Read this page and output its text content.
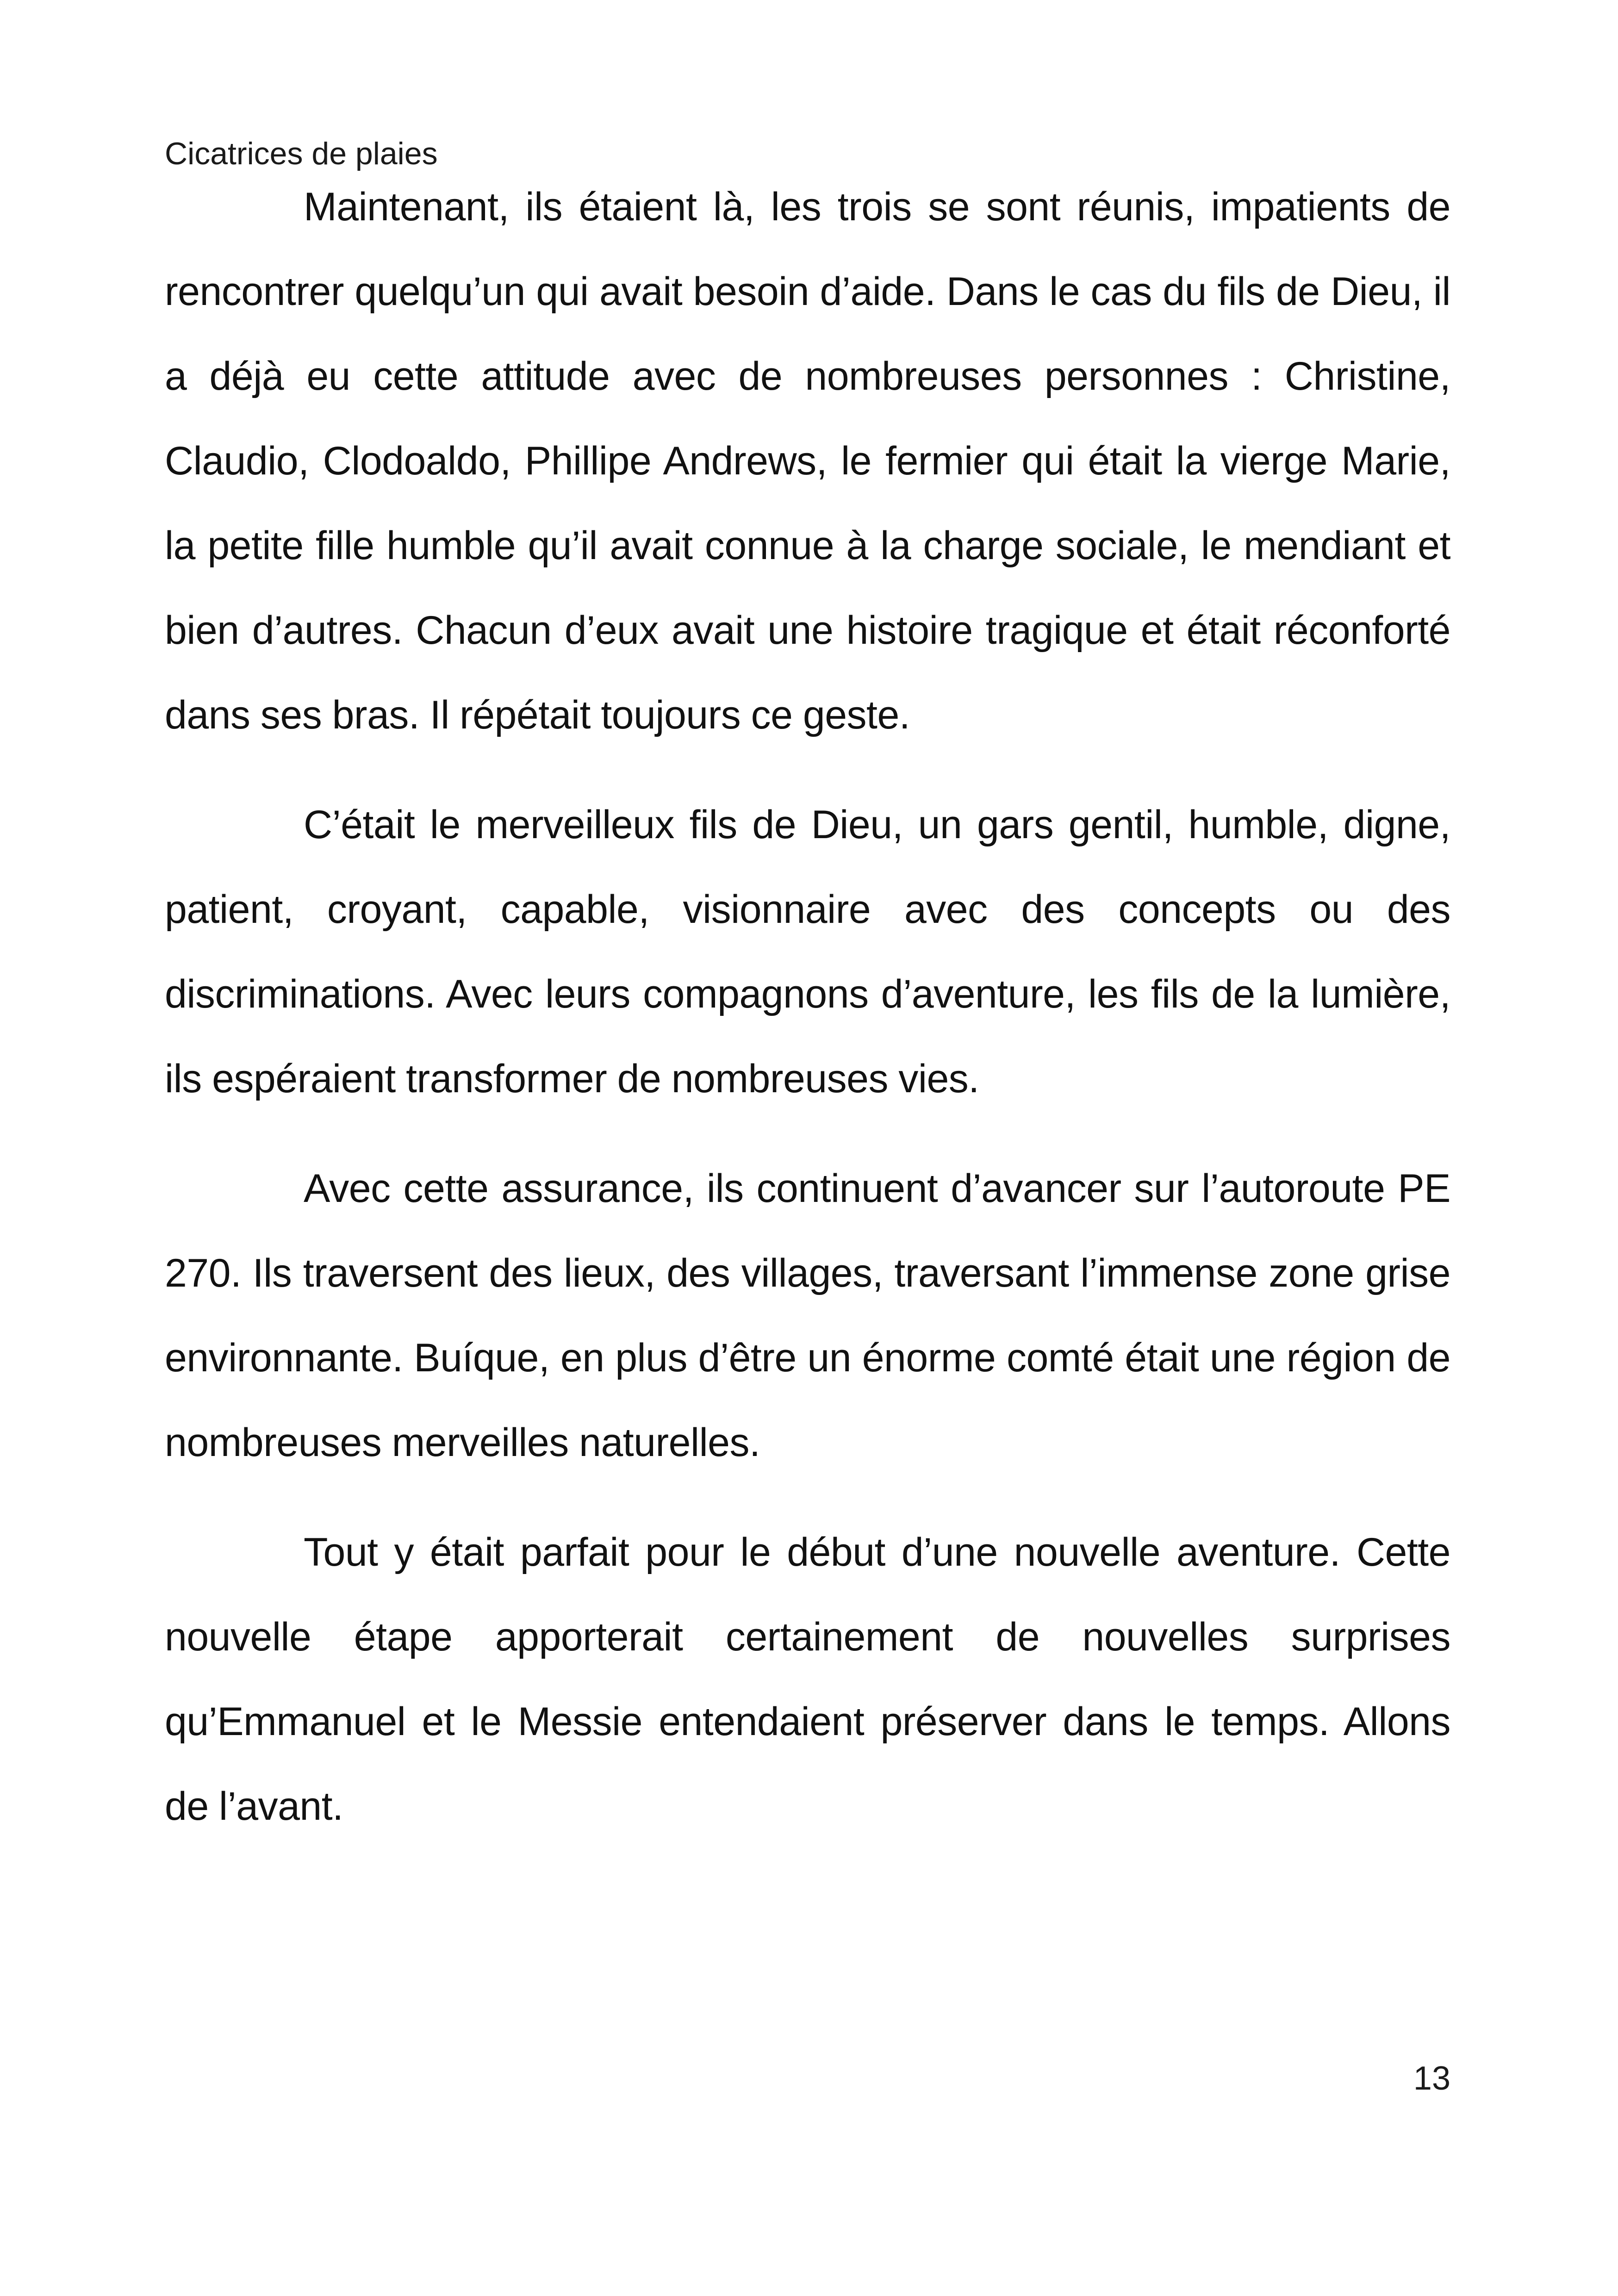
Cicatrices de plaies

Maintenant, ils étaient là, les trois se sont réunis, impatients de rencontrer quelqu’un qui avait besoin d’aide. Dans le cas du fils de Dieu, il a déjà eu cette attitude avec de nombreuses personnes : Christine, Claudio, Clodoaldo, Phillipe Andrews, le fermier qui était la vierge Marie, la petite fille humble qu’il avait connue à la charge sociale, le mendiant et bien d’autres. Chacun d’eux avait une histoire tragique et était réconforté dans ses bras. Il répétait toujours ce geste.

C’était le merveilleux fils de Dieu, un gars gentil, humble, digne, patient, croyant, capable, visionnaire avec des concepts ou des discriminations. Avec leurs compagnons d’aventure, les fils de la lumière, ils espéraient transformer de nombreuses vies.

Avec cette assurance, ils continuent d’avancer sur l’autoroute PE 270. Ils traversent des lieux, des villages, traversant l’immense zone grise environnante. Buíque, en plus d’être un énorme comté était une région de nombreuses merveilles naturelles.

Tout y était parfait pour le début d’une nouvelle aventure. Cette nouvelle étape apporterait certainement de nouvelles surprises qu’Emmanuel et le Messie entendaient préserver dans le temps. Allons de l’avant.

13
